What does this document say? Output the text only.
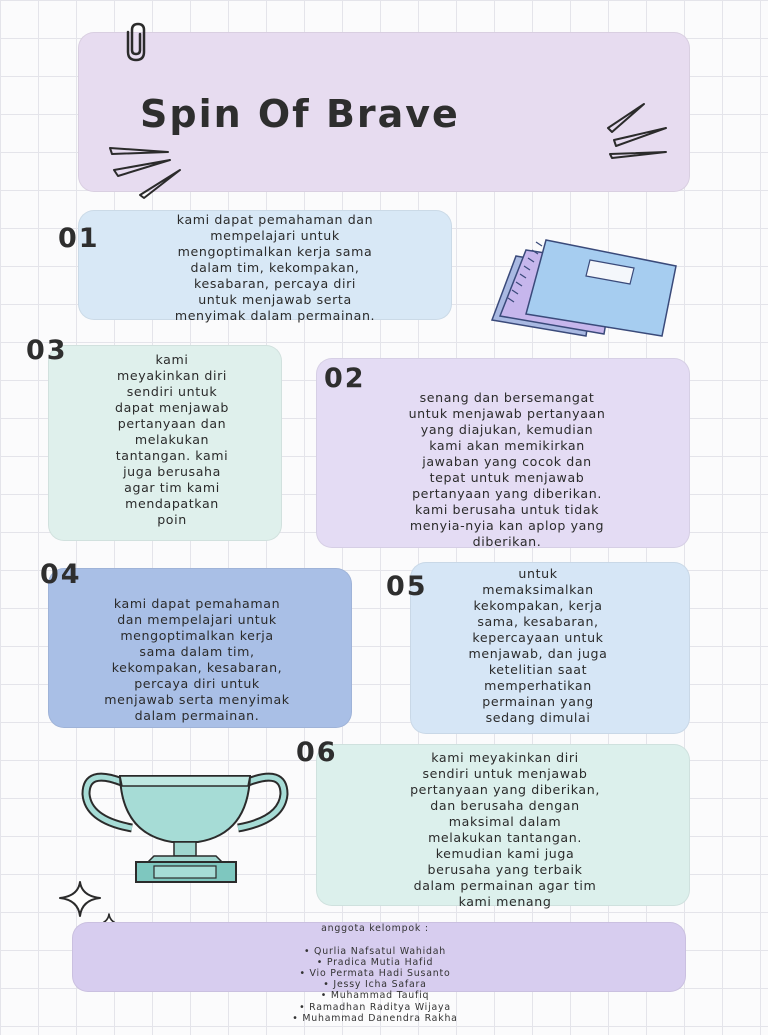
Spin Of Brave
01
kami dapat pemahaman dan
mempelajari untuk
mengoptimalkan kerja sama
dalam tim, kekompakan,
kesabaran, percaya diri
untuk menjawab serta
menyimak dalam permainan.
03	kami
meyakinkan diri
sendiri untuk
dapat menjawab
pertanyaan dan
melakukan
tantangan. kami
juga berusaha
agar tim kami
mendapatkan
poin
02
senang dan bersemangat
untuk menjawab pertanyaan
yang diajukan, kemudian
kami akan memikirkan
jawaban yang cocok dan
tepat untuk menjawab
pertanyaan yang diberikan.
kami berusaha untuk tidak
menyia-nyia kan aplop yang
diberikan.
04
kami dapat pemahaman
dan mempelajari untuk
mengoptimalkan kerja
sama dalam tim,
kekompakan, kesabaran,
percaya diri untuk
menjawab serta menyimak
dalam permainan.
05	untuk
memaksimalkan
kekompakan, kerja
sama, kesabaran,
kepercayaan untuk
menjawab, dan juga
ketelitian saat
memperhatikan
permainan yang
sedang dimulai
06	kami meyakinkan diri
sendiri untuk menjawab
pertanyaan yang diberikan,
dan berusaha dengan
maksimal dalam
melakukan tantangan.
kemudian kami juga
berusaha yang terbaik
dalam permainan agar tim
kami menang

anggota kelompok :

• Qurlia Nafsatul Wahidah
• Pradica Mutia Hafid
• Vio Permata Hadi Susanto
• Jessy Icha Safara
• Muhammad Taufiq
• Ramadhan Raditya Wijaya
• Muhammad Danendra Rakha
